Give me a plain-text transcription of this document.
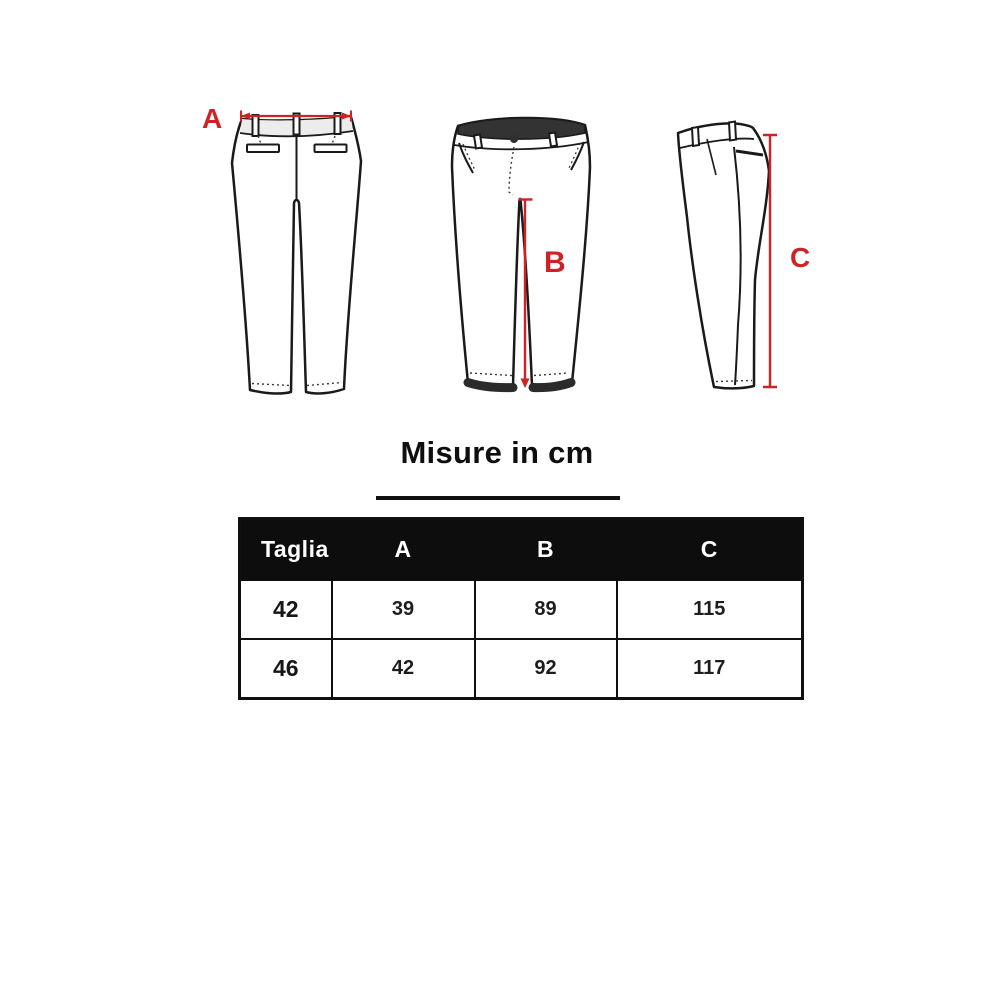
A
B	C
Misure in cm
Taglia	A	B	C
42	39	89	115
46	42	92	117
